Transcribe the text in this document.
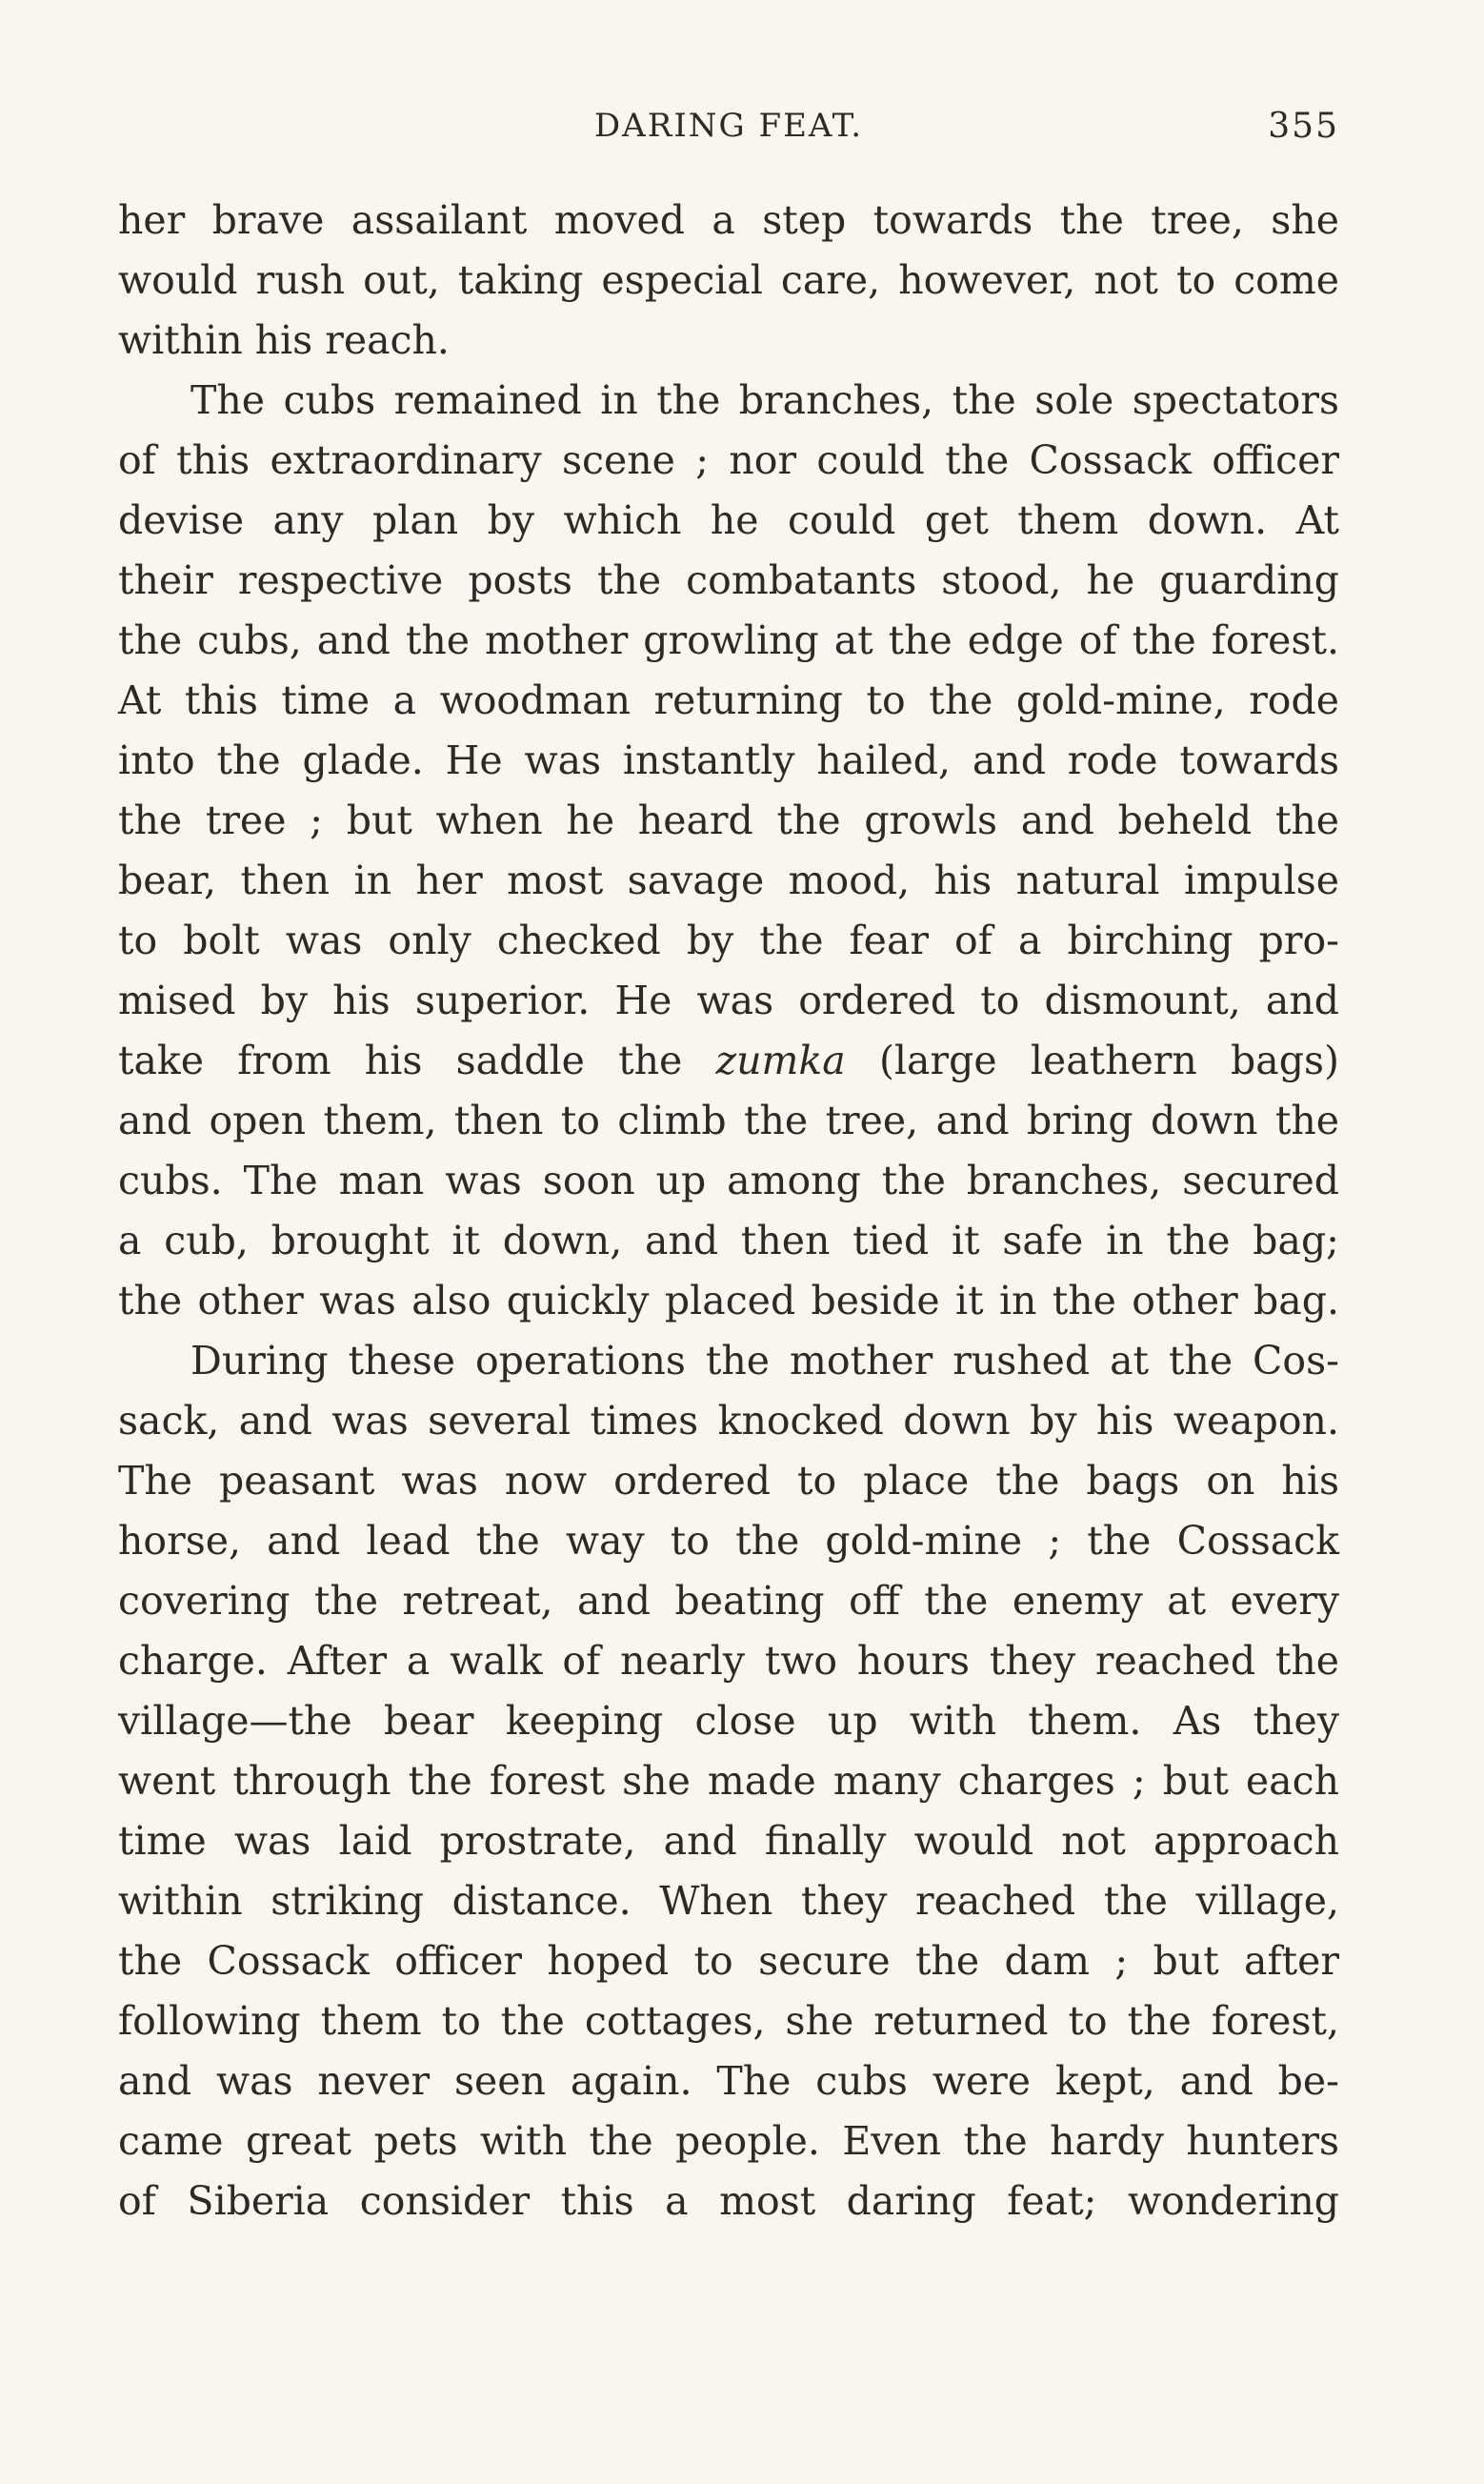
DARING FEAT.	355
her brave assailant moved a step towards the tree, she
would rush out, taking especial care, however, not to come
within his reach.
The cubs remained in the branches, the sole spectators
of this extraordinary scene ; nor could the Cossack officer
devise any plan by which he could get them down. At
their respective posts the combatants stood, he guarding
the cubs, and the mother growling at the edge of the forest.
At this time a woodman returning to the gold-mine, rode
into the glade. He was instantly hailed, and rode towards
the tree ; but when he heard the growls and beheld the
bear, then in her most savage mood, his natural impulse
to bolt was only checked by the fear of a birching pro-
mised by his superior. He was ordered to dismount, and
take from his saddle the zumka (large leathern bags)
and open them, then to climb the tree, and bring down the
cubs. The man was soon up among the branches, secured
a cub, brought it down, and then tied it safe in the bag;
the other was also quickly placed beside it in the other bag.
During these operations the mother rushed at the Cos-
sack, and was several times knocked down by his weapon.
The peasant was now ordered to place the bags on his
horse, and lead the way to the gold-mine ; the Cossack
covering the retreat, and beating off the enemy at every
charge. After a walk of nearly two hours they reached the
village—the bear keeping close up with them. As they
went through the forest she made many charges ; but each
time was laid prostrate, and finally would not approach
within striking distance. When they reached the village,
the Cossack officer hoped to secure the dam ; but after
following them to the cottages, she returned to the forest,
and was never seen again. The cubs were kept, and be-
came great pets with the people. Even the hardy hunters
of Siberia consider this a most daring feat; wondering
